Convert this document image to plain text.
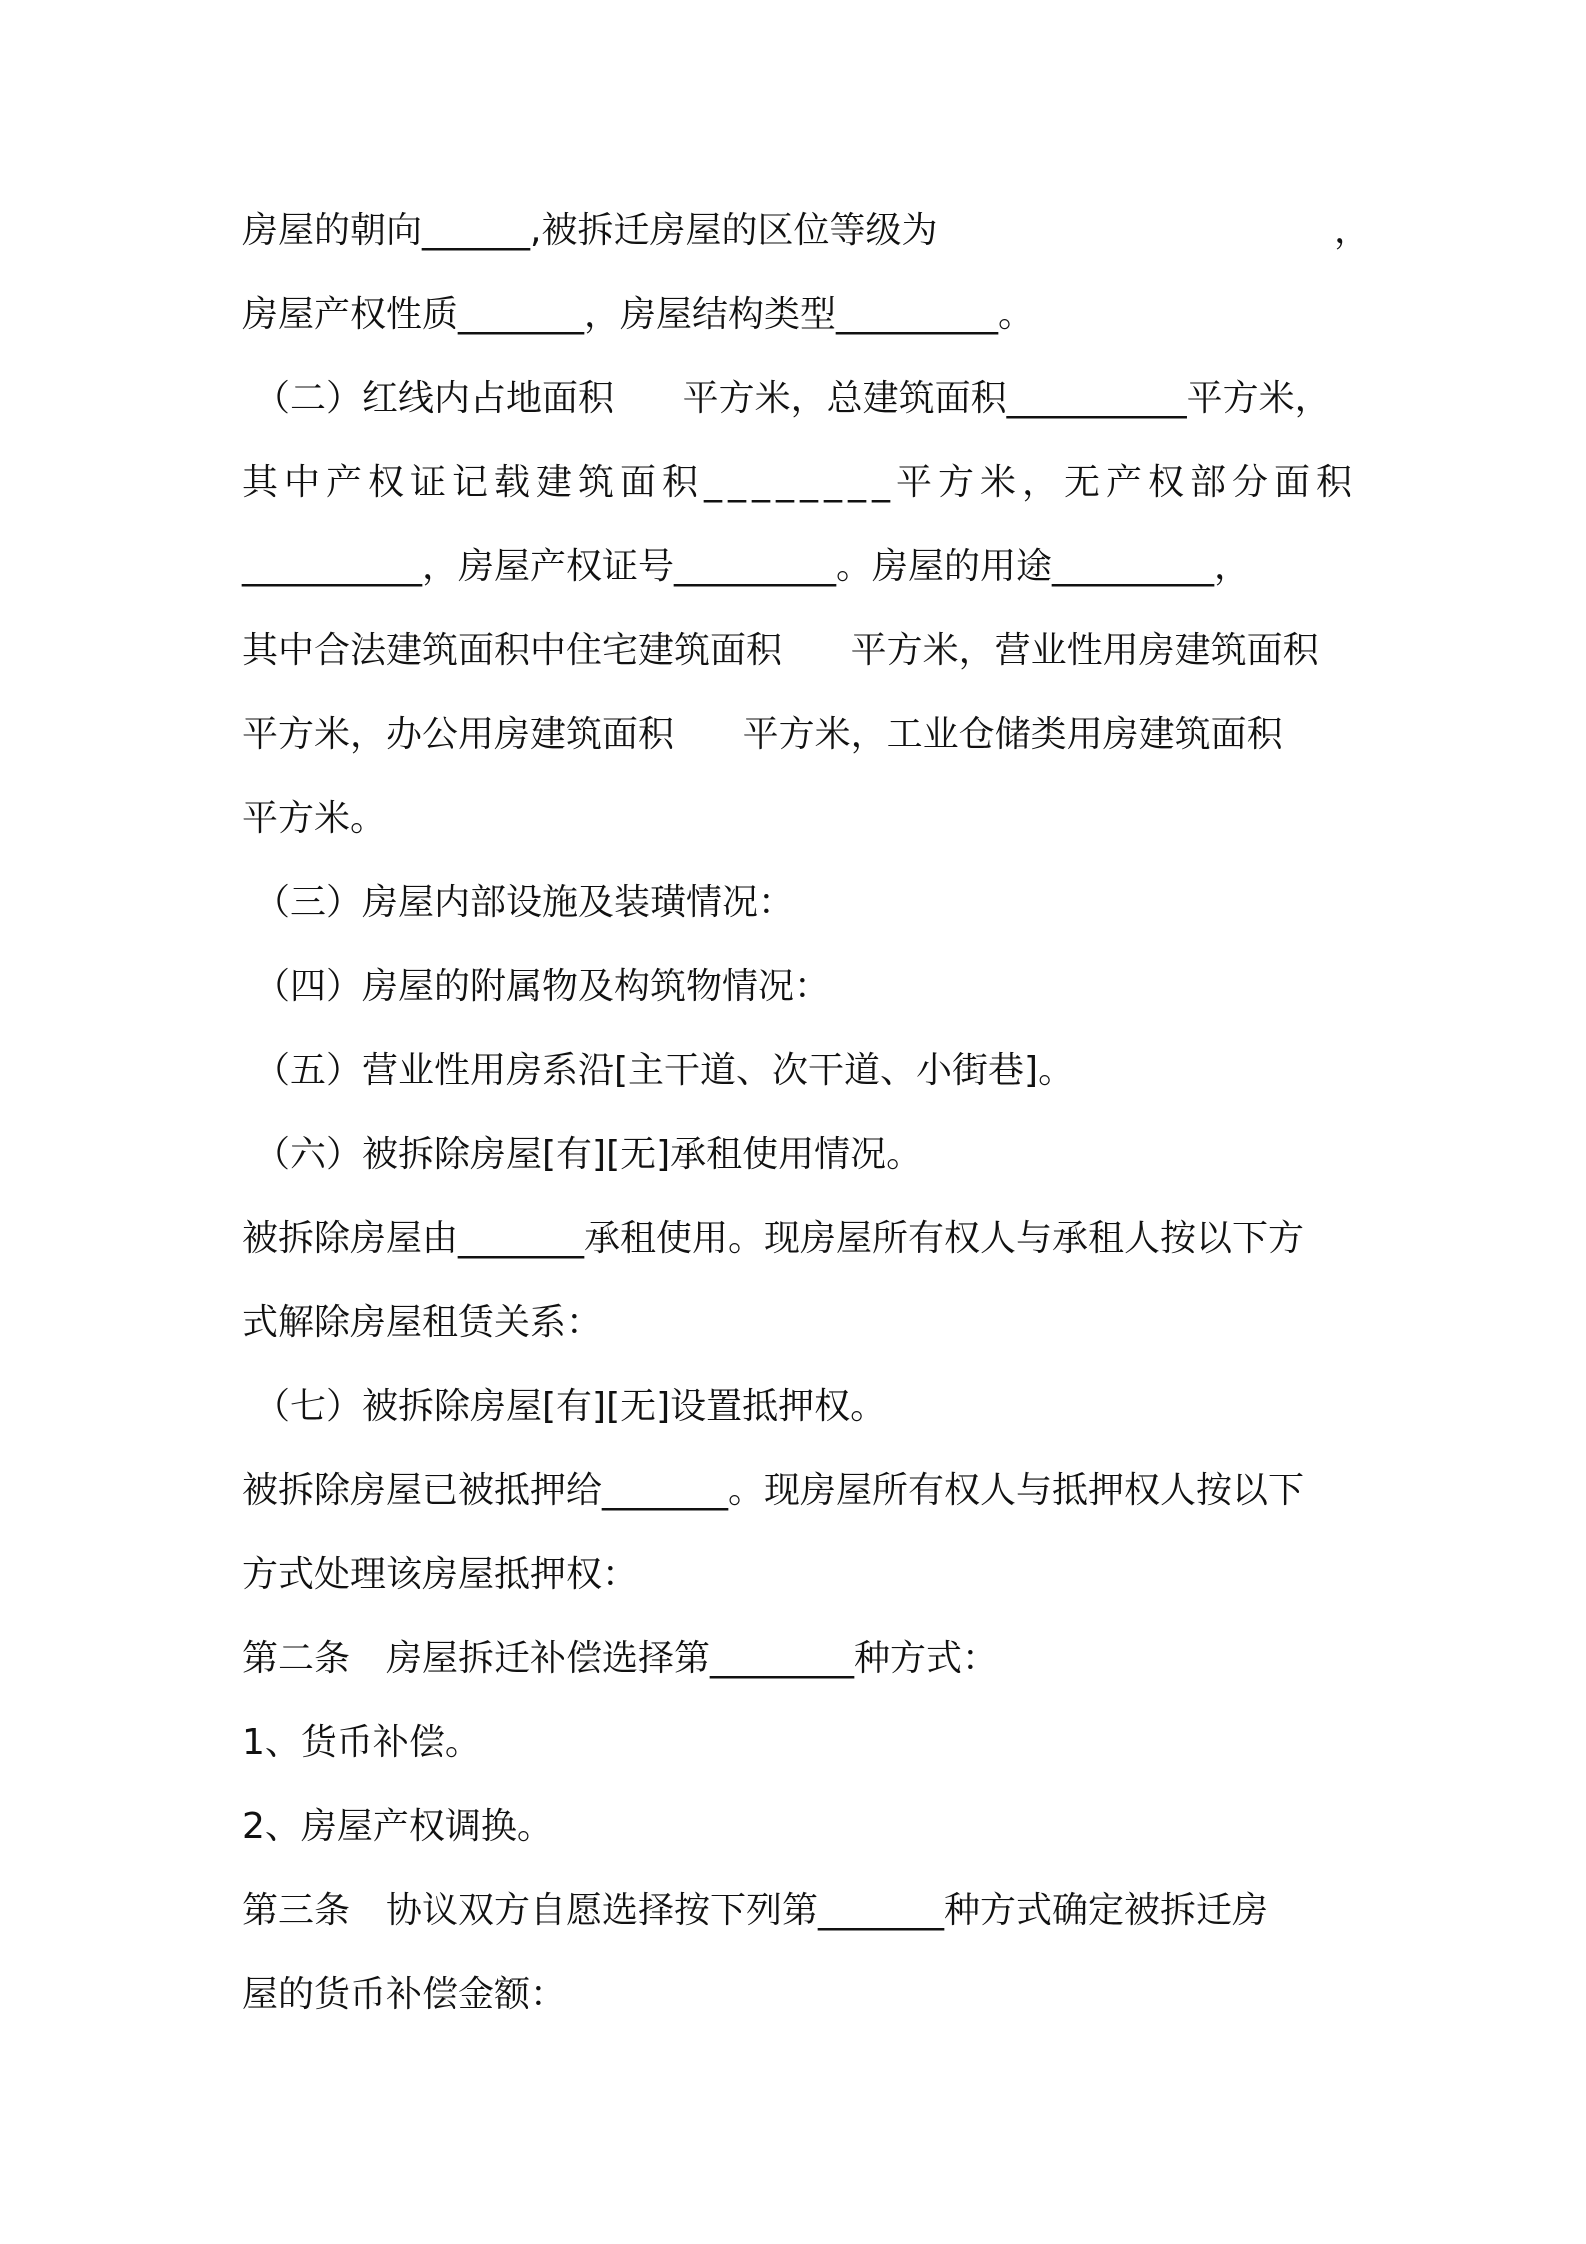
房屋的朝向______,被拆迁房屋的区位等级为	，
房屋产权性质_______，房屋结构类型_________。
（二）红线内占地面积      平方米，总建筑面积__________平方米，
其中产权证记载建筑面积________平方米，无产权部分面积
__________，房屋产权证号_________。房屋的用途_________，
其中合法建筑面积中住宅建筑面积      平方米，营业性用房建筑面积
平方米，办公用房建筑面积      平方米，工业仓储类用房建筑面积
平方米。
（三）房屋内部设施及装璜情况：
（四）房屋的附属物及构筑物情况：
（五）营业性用房系沿[主干道、次干道、小街巷]。
（六）被拆除房屋[有][无]承租使用情况。
被拆除房屋由_______承租使用。现房屋所有权人与承租人按以下方
式解除房屋租赁关系：
（七）被拆除房屋[有][无]设置抵押权。
被拆除房屋已被抵押给_______。现房屋所有权人与抵押权人按以下
方式处理该房屋抵押权：
第二条　房屋拆迁补偿选择第________种方式：
1、货币补偿。
2、房屋产权调换。
第三条　协议双方自愿选择按下列第_______种方式确定被拆迁房
屋的货币补偿金额：
